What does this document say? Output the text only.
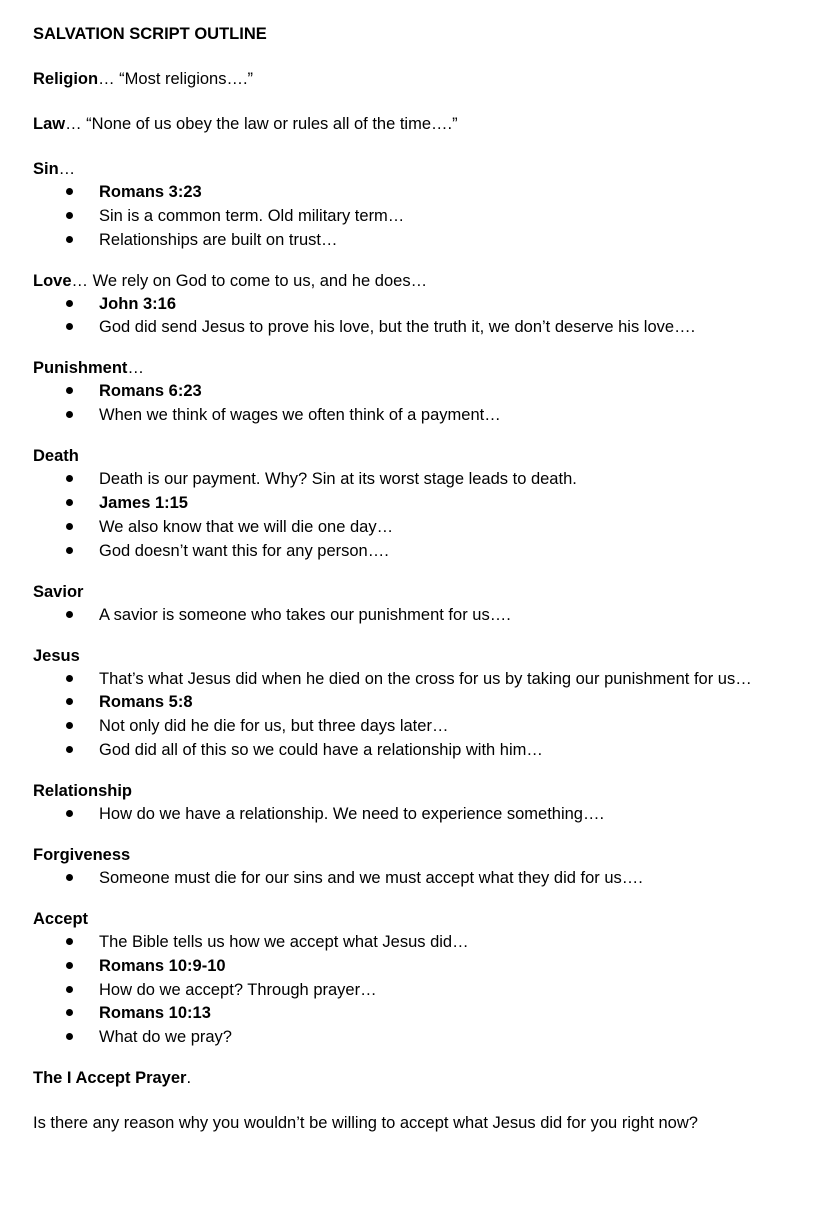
SALVATION SCRIPT OUTLINE
Religion… “Most religions….”
Law… “None of us obey the law or rules all of the time….”
Sin…
Romans 3:23
Sin is a common term. Old military term…
Relationships are built on trust…
Love… We rely on God to come to us, and he does…
John 3:16
God did send Jesus to prove his love, but the truth it, we don’t deserve his love….
Punishment…
Romans 6:23
When we think of wages we often think of a payment…
Death
Death is our payment. Why? Sin at its worst stage leads to death.
James 1:15
We also know that we will die one day…
God doesn’t want this for any person….
Savior
A savior is someone who takes our punishment for us….
Jesus
That’s what Jesus did when he died on the cross for us by taking our punishment for us…
Romans 5:8
Not only did he die for us, but three days later…
God did all of this so we could have a relationship with him…
Relationship
How do we have a relationship. We need to experience something….
Forgiveness
Someone must die for our sins and we must accept what they did for us….
Accept
The Bible tells us how we accept what Jesus did…
Romans 10:9-10
How do we accept? Through prayer…
Romans 10:13
What do we pray?
The I Accept Prayer.
Is there any reason why you wouldn’t be willing to accept what Jesus did for you right now?
